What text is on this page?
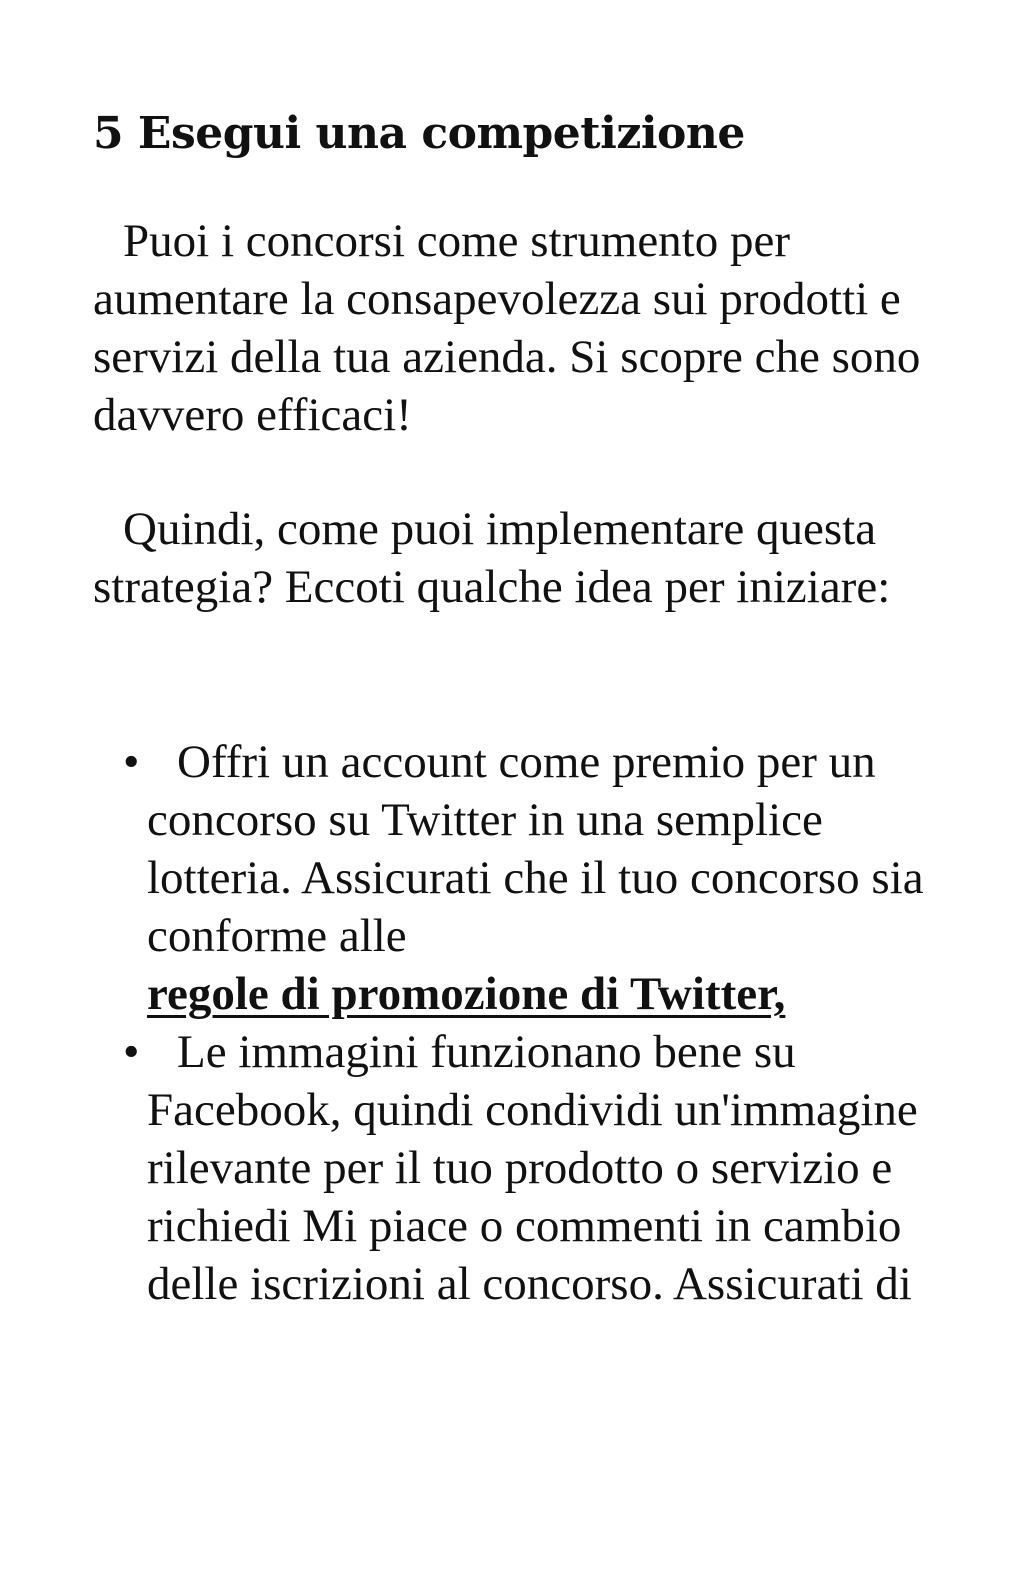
5 Esegui una competizione

Puoi i concorsi come strumento per aumentare la consapevolezza sui prodotti e servizi della tua azienda. Si scopre che sono davvero efficaci!

Quindi, come puoi implementare questa strategia? Eccoti qualche idea per iniziare:

• Offri un account come premio per un concorso su Twitter in una semplice lotteria. Assicurati che il tuo concorso sia conforme alle regole di promozione di Twitter,
• Le immagini funzionano bene su Facebook, quindi condividi un'immagine rilevante per il tuo prodotto o servizio e richiedi Mi piace o commenti in cambio delle iscrizioni al concorso. Assicurati di
